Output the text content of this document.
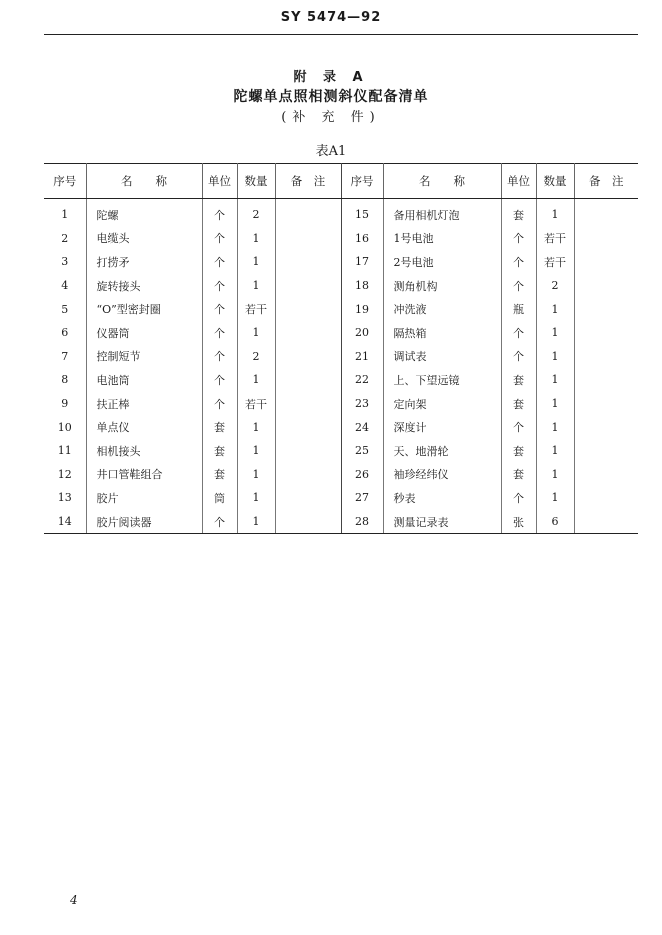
SY 5474—92
附 录 A
陀螺单点照相测斜仪配备清单
(补 充 件)
表A1
序号	名　　称	单位	数量	备　注	序号	名　　称	单位	数量	备　注
1	陀螺	个	2		15	备用相机灯泡	套	1	
2	电缆头	个	1		16	1号电池	个	若干	
3	打捞矛	个	1		17	2号电池	个	若干	
4	旋转接头	个	1		18	测角机构	个	2	
5	“O”型密封圈	个	若干		19	冲洗液	瓶	1	
6	仪器筒	个	1		20	隔热箱	个	1	
7	控制短节	个	2		21	调试表	个	1	
8	电池筒	个	1		22	上、下望远镜	套	1	
9	扶正棒	个	若干		23	定向架	套	1	
10	单点仪	套	1		24	深度计	个	1	
11	相机接头	套	1		25	天、地滑轮	套	1	
12	井口管鞋组合	套	1		26	袖珍经纬仪	套	1	
13	胶片	筒	1		27	秒表	个	1	
14	胶片阅读器	个	1		28	测量记录表	张	6	
4
